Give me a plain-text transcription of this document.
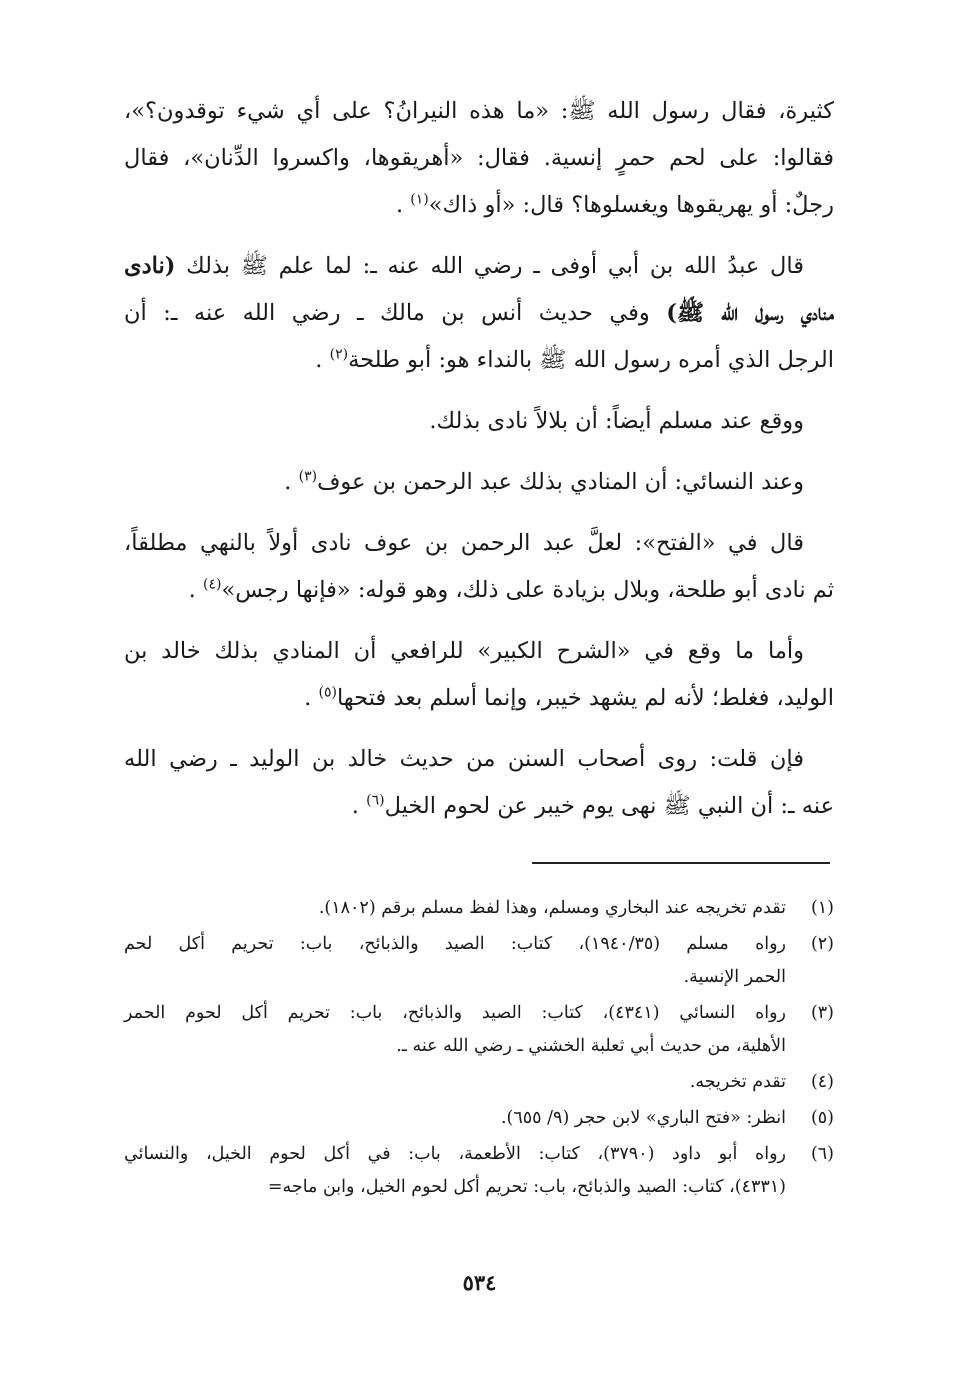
كثيرة، فقال رسول الله ﷺ: «ما هذه النيرانُ؟ على أي شيء توقدون؟»،
فقالوا: على لحم حمرٍ إنسية. فقال: «أهريقوها، واكسروا الدِّنان»، فقال
رجلٌ: أو يهريقوها ويغسلوها؟ قال: «أو ذاك»$^{(١)}$ .
قال عبدُ الله بن أبي أوفى ـ رضي الله عنه ـ: لما علم ﷺ بذلك (نادى
منادي رسول الله ﷺ) وفي حديث أنس بن مالك ـ رضي الله عنه ـ: أن
الرجل الذي أمره رسول الله ﷺ بالنداء هو: أبو طلحة$^{(٢)}$ .
ووقع عند مسلم أيضاً: أن بلالاً نادى بذلك.
وعند النسائي: أن المنادي بذلك عبد الرحمن بن عوف$^{(٣)}$ .
قال في «الفتح»: لعلَّ عبد الرحمن بن عوف نادى أولاً بالنهي مطلقاً،
ثم نادى أبو طلحة، وبلال بزيادة على ذلك، وهو قوله: «فإنها رجس»$^{(٤)}$ .
وأما ما وقع في «الشرح الكبير» للرافعي أن المنادي بذلك خالد بن
الوليد، فغلط؛ لأنه لم يشهد خيبر، وإنما أسلم بعد فتحها$^{(٥)}$ .
فإن قلت: روى أصحاب السنن من حديث خالد بن الوليد ـ رضي الله
عنه ـ: أن النبي ﷺ نهى يوم خيبر عن لحوم الخيل$^{(٦)}$ .
(١)
تقدم تخريجه عند البخاري ومسلم، وهذا لفظ مسلم برقم (١٨٠٢).
(٢)
رواه مسلم (١٩٤٠/٣٥)، كتاب: الصيد والذبائح، باب: تحريم أكل لحم
الحمر الإنسية.
(٣)
رواه النسائي (٤٣٤١)، كتاب: الصيد والذبائح، باب: تحريم أكل لحوم الحمر
الأهلية، من حديث أبي ثعلبة الخشني ـ رضي الله عنه ـ.
(٤)
تقدم تخريجه.
(٥)
انظر: «فتح الباري» لابن حجر (٩/ ٦٥٥).
(٦)
رواه أبو داود (٣٧٩٠)، كتاب: الأطعمة، باب: في أكل لحوم الخيل، والنسائي
(٤٣٣١)، كتاب: الصيد والذبائح، باب: تحريم أكل لحوم الخيل، وابن ماجه=
٥٣٤
